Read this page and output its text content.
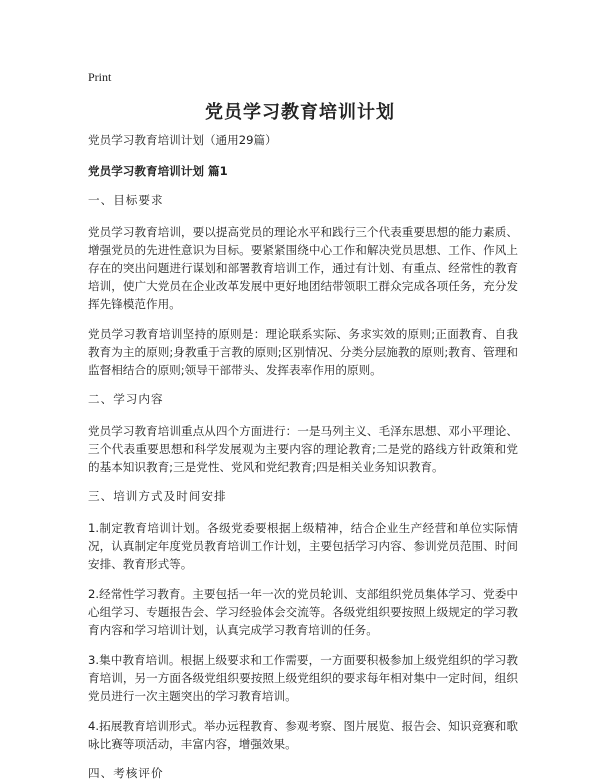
Print
党员学习教育培训计划

党员学习教育培训计划（通用29篇）

党员学习教育培训计划 篇1

一、目标要求

党员学习教育培训，要以提高党员的理论水平和践行三个代表重要思想的能力素质、增强党员的先进性意识为目标。要紧紧围绕中心工作和解决党员思想、工作、作风上存在的突出问题进行谋划和部署教育培训工作，通过有计划、有重点、经常性的教育培训，使广大党员在企业改革发展中更好地团结带领职工群众完成各项任务，充分发挥先锋模范作用。

党员学习教育培训坚持的原则是：理论联系实际、务求实效的原则;正面教育、自我教育为主的原则;身教重于言教的原则;区别情况、分类分层施教的原则;教育、管理和监督相结合的原则;领导干部带头、发挥表率作用的原则。

二、学习内容

党员学习教育培训重点从四个方面进行：一是马列主义、毛泽东思想、邓小平理论、三个代表重要思想和科学发展观为主要内容的理论教育;二是党的路线方针政策和党的基本知识教育;三是党性、党风和党纪教育;四是相关业务知识教育。

三、培训方式及时间安排

1.制定教育培训计划。各级党委要根据上级精神，结合企业生产经营和单位实际情况，认真制定年度党员教育培训工作计划，主要包括学习内容、参训党员范围、时间安排、教育形式等。

2.经常性学习教育。主要包括一年一次的党员轮训、支部组织党员集体学习、党委中心组学习、专题报告会、学习经验体会交流等。各级党组织要按照上级规定的学习教育内容和学习培训计划，认真完成学习教育培训的任务。

3.集中教育培训。根据上级要求和工作需要，一方面要积极参加上级党组织的学习教育培训，另一方面各级党组织要按照上级党组织的要求每年相对集中一定时间，组织党员进行一次主题突出的学习教育培训。

4.拓展教育培训形式。举办远程教育、参观考察、图片展览、报告会、知识竞赛和歌咏比赛等项活动，丰富内容，增强效果。

四、考核评价
